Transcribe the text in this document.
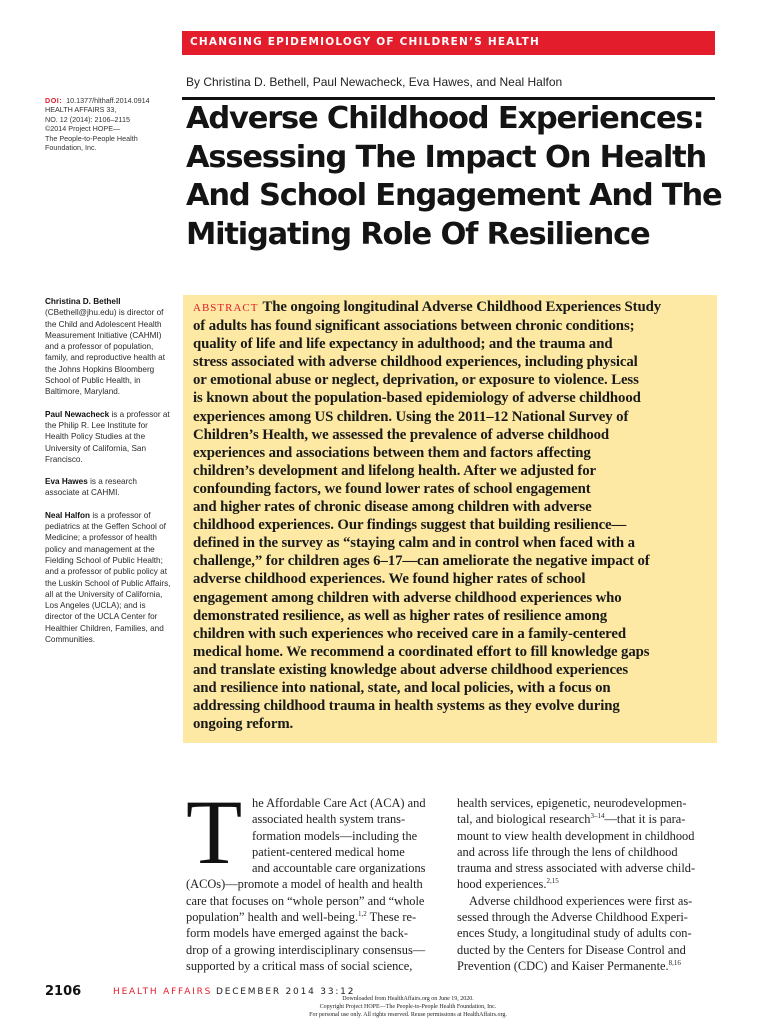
CHANGING EPIDEMIOLOGY OF CHILDREN’S HEALTH
By Christina D. Bethell, Paul Newacheck, Eva Hawes, and Neal Halfon
Adverse Childhood Experiences:
Assessing The Impact On Health
And School Engagement And The
Mitigating Role Of Resilience
DOI: 10.1377/hlthaff.2014.0914
HEALTH AFFAIRS 33,
NO. 12 (2014): 2106–2115
©2014 Project HOPE—
The People-to-People Health
Foundation, Inc.

Christina D. Bethell (CBethell@jhu.edu) is director of the Child and Adolescent Health Measurement Initiative (CAHMI) and a professor of population, family, and reproductive health at the Johns Hopkins Bloomberg School of Public Health, in Baltimore, Maryland.

Paul Newacheck is a professor at the Philip R. Lee Institute for Health Policy Studies at the University of California, San Francisco.

Eva Hawes is a research associate at CAHMI.

Neal Halfon is a professor of pediatrics at the Geffen School of Medicine; a professor of health policy and management at the Fielding School of Public Health; and a professor of public policy at the Luskin School of Public Affairs, all at the University of California, Los Angeles (UCLA); and is director of the UCLA Center for Healthier Children, Families, and Communities.

ABSTRACT The ongoing longitudinal Adverse Childhood Experiences Study
of adults has found significant associations between chronic conditions;
quality of life and life expectancy in adulthood; and the trauma and
stress associated with adverse childhood experiences, including physical
or emotional abuse or neglect, deprivation, or exposure to violence. Less
is known about the population-based epidemiology of adverse childhood
experiences among US children. Using the 2011–12 National Survey of
Children’s Health, we assessed the prevalence of adverse childhood
experiences and associations between them and factors affecting
children’s development and lifelong health. After we adjusted for
confounding factors, we found lower rates of school engagement
and higher rates of chronic disease among children with adverse
childhood experiences. Our findings suggest that building resilience—
defined in the survey as “staying calm and in control when faced with a
challenge,” for children ages 6–17—can ameliorate the negative impact of
adverse childhood experiences. We found higher rates of school
engagement among children with adverse childhood experiences who
demonstrated resilience, as well as higher rates of resilience among
children with such experiences who received care in a family-centered
medical home. We recommend a coordinated effort to fill knowledge gaps
and translate existing knowledge about adverse childhood experiences
and resilience into national, state, and local policies, with a focus on
addressing childhood trauma in health systems as they evolve during
ongoing reform.
T he Affordable Care Act (ACA) and
associated health system trans-
formation models—including the
patient-centered medical home
and accountable care organizations
(ACOs)—promote a model of health and health
care that focuses on “whole person” and “whole
population” health and well-being.$^{1,2}$ These re-
form models have emerged against the back-
drop of a growing interdisciplinary consensus—
supported by a critical mass of social science,
health services, epigenetic, neurodevelopmen-
tal, and biological research$^{3-14}$—that it is para-
mount to view health development in childhood
and across life through the lens of childhood
trauma and stress associated with adverse child-
hood experiences.$^{2,15}$
Adverse childhood experiences were first as-
sessed through the Adverse Childhood Experi-
ences Study, a longitudinal study of adults con-
ducted by the Centers for Disease Control and
Prevention (CDC) and Kaiser Permanente.$^{8,16}$
2106	HEALTH AFFAIRS DECEMBER 2014 33:12
Downloaded from HealthAffairs.org on June 19, 2020.
Copyright Project HOPE—The People-to-People Health Foundation, Inc.
For personal use only. All rights reserved. Reuse permissions at HealthAffairs.org.
